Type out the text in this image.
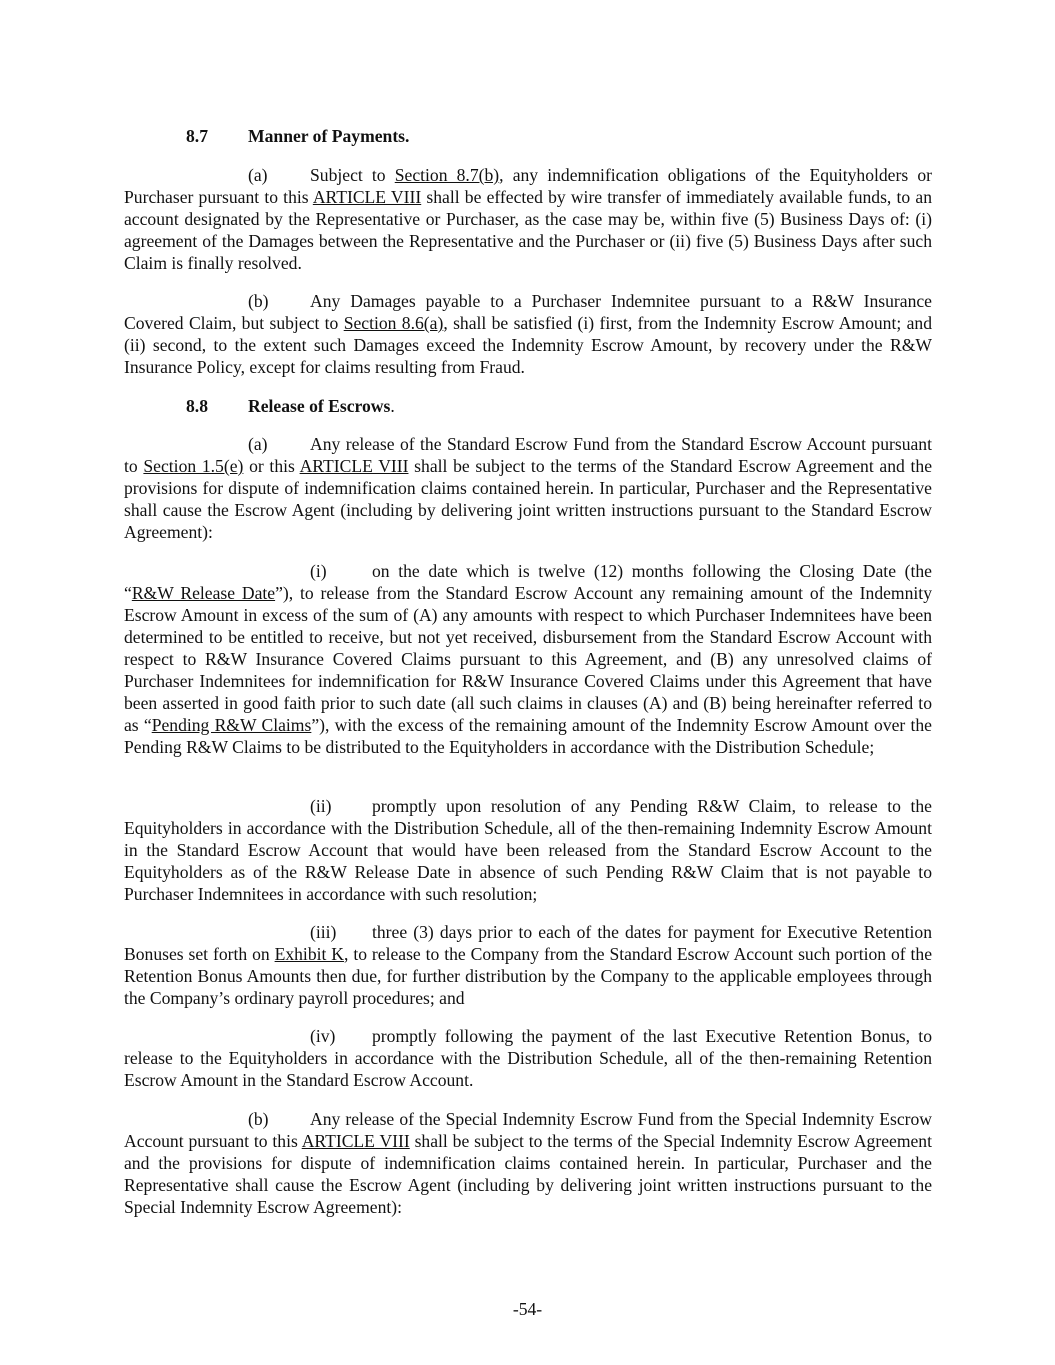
8.7 Manner of Payments.

(a) Subject to Section 8.7(b), any indemnification obligations of the Equityholders or Purchaser pursuant to this ARTICLE VIII shall be effected by wire transfer of immediately available funds, to an account designated by the Representative or Purchaser, as the case may be, within five (5) Business Days of: (i) agreement of the Damages between the Representative and the Purchaser or (ii) five (5) Business Days after such Claim is finally resolved.

(b) Any Damages payable to a Purchaser Indemnitee pursuant to a R&W Insurance Covered Claim, but subject to Section 8.6(a), shall be satisfied (i) first, from the Indemnity Escrow Amount; and (ii) second, to the extent such Damages exceed the Indemnity Escrow Amount, by recovery under the R&W Insurance Policy, except for claims resulting from Fraud.

8.8 Release of Escrows.

(a) Any release of the Standard Escrow Fund from the Standard Escrow Account pursuant to Section 1.5(e) or this ARTICLE VIII shall be subject to the terms of the Standard Escrow Agreement and the provisions for dispute of indemnification claims contained herein. In particular, Purchaser and the Representative shall cause the Escrow Agent (including by delivering joint written instructions pursuant to the Standard Escrow Agreement):

(i)	on the date which is twelve (12) months following the Closing Date (the “R&W Release Date”), to release from the Standard Escrow Account any remaining amount of the Indemnity Escrow Amount in excess of the sum of (A) any amounts with respect to which Purchaser Indemnitees have been determined to be entitled to receive, but not yet received, disbursement from the Standard Escrow Account with respect to R&W Insurance Covered Claims pursuant to this Agreement, and (B) any unresolved claims of Purchaser Indemnitees for indemnification for R&W Insurance Covered Claims under this Agreement that have been asserted in good faith prior to such date (all such claims in clauses (A) and (B) being hereinafter referred to as “Pending R&W Claims”), with the excess of the remaining amount of the Indemnity Escrow Amount over the Pending R&W Claims to be distributed to the Equityholders in accordance with the Distribution Schedule;

(ii) promptly upon resolution of any Pending R&W Claim, to release to the Equityholders in accordance with the Distribution Schedule, all of the then-remaining Indemnity Escrow Amount in the Standard Escrow Account that would have been released from the Standard Escrow Account to the Equityholders as of the R&W Release Date in absence of such Pending R&W Claim that is not payable to Purchaser Indemnitees in accordance with such resolution;

(iii) three (3) days prior to each of the dates for payment for Executive Retention Bonuses set forth on Exhibit K, to release to the Company from the Standard Escrow Account such portion of the Retention Bonus Amounts then due, for further distribution by the Company to the applicable employees through the Company’s ordinary payroll procedures; and

(iv) promptly following the payment of the last Executive Retention Bonus, to release to the Equityholders in accordance with the Distribution Schedule, all of the then-remaining Retention Escrow Amount in the Standard Escrow Account.

(b) Any release of the Special Indemnity Escrow Fund from the Special Indemnity Escrow Account pursuant to this ARTICLE VIII shall be subject to the terms of the Special Indemnity Escrow Agreement and the provisions for dispute of indemnification claims contained herein. In particular, Purchaser and the Representative shall cause the Escrow Agent (including by delivering joint written instructions pursuant to the Special Indemnity Escrow Agreement):

-54-
